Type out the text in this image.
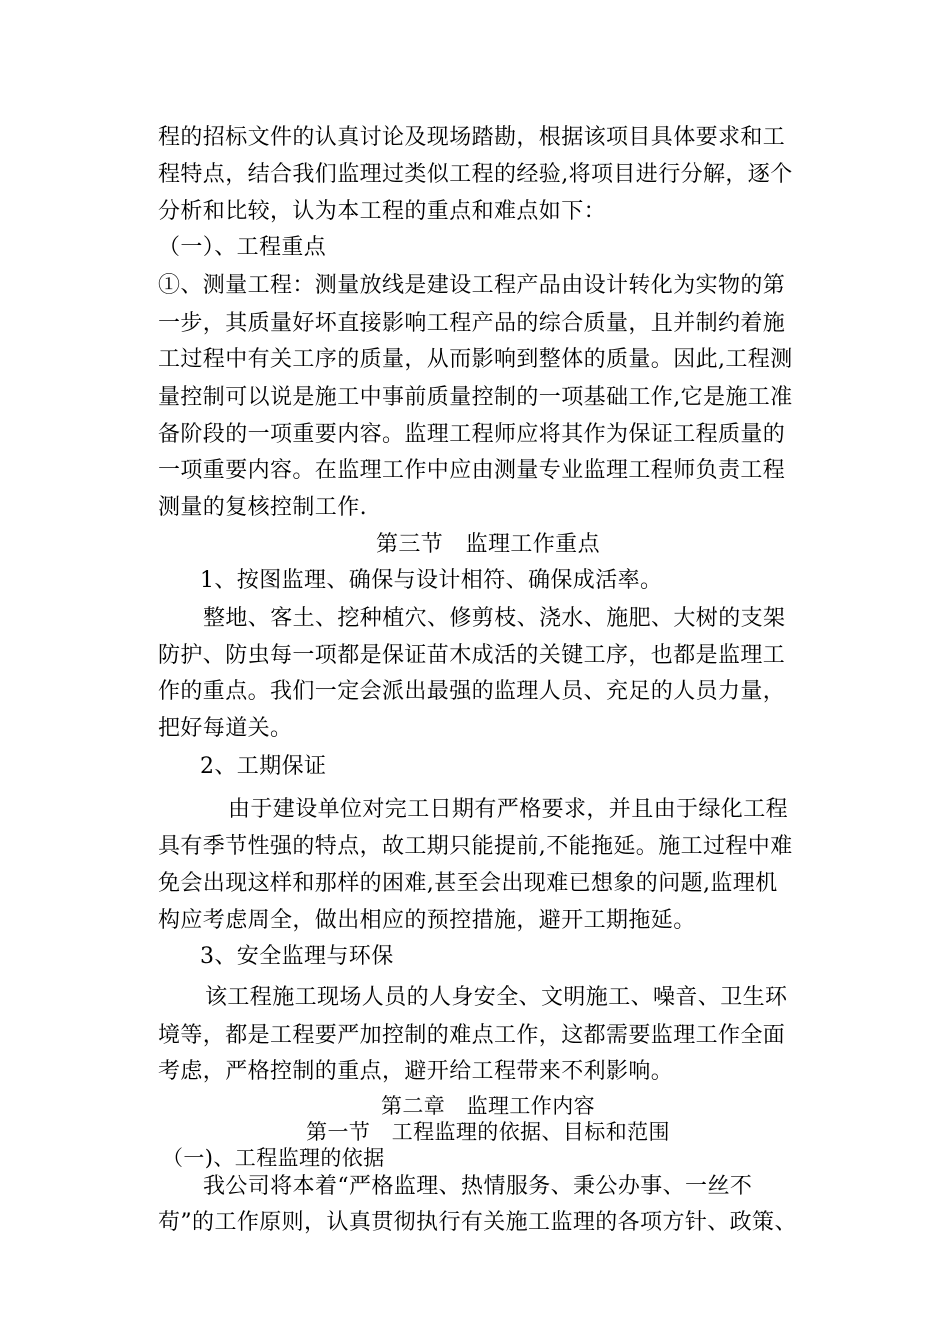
程的招标文件的认真讨论及现场踏勘，根据该项目具体要求和工
程特点，结合我们监理过类似工程的经验,将项目进行分解，逐个
分析和比较，认为本工程的重点和难点如下：
（一）、工程重点
①、测量工程：测量放线是建设工程产品由设计转化为实物的第
一步，其质量好坏直接影响工程产品的综合质量，且并制约着施
工过程中有关工序的质量，从而影响到整体的质量。因此,工程测
量控制可以说是施工中事前质量控制的一项基础工作,它是施工准
备阶段的一项重要内容。监理工程师应将其作为保证工程质量的
一项重要内容。在监理工作中应由测量专业监理工程师负责工程
测量的复核控制工作.
第三节　监理工作重点
1、按图监理、确保与设计相符、确保成活率。
整地、客土、挖种植穴、修剪枝、浇水、施肥、大树的支架
防护、防虫每一项都是保证苗木成活的关键工序，也都是监理工
作的重点。我们一定会派出最强的监理人员、充足的人员力量，
把好每道关。
2、工期保证
由于建设单位对完工日期有严格要求，并且由于绿化工程
具有季节性强的特点，故工期只能提前,不能拖延。施工过程中难
免会出现这样和那样的困难,甚至会出现难已想象的问题,监理机
构应考虑周全，做出相应的预控措施，避开工期拖延。
3、安全监理与环保
该工程施工现场人员的人身安全、文明施工、噪音、卫生环
境等，都是工程要严加控制的难点工作，这都需要监理工作全面
考虑，严格控制的重点，避开给工程带来不利影响。
第二章　监理工作内容
第一节　工程监理的依据、目标和范围
（一)、工程监理的依据
我公司将本着“严格监理、热情服务、秉公办事、一丝不
苟”的工作原则，认真贯彻执行有关施工监理的各项方针、政策、
